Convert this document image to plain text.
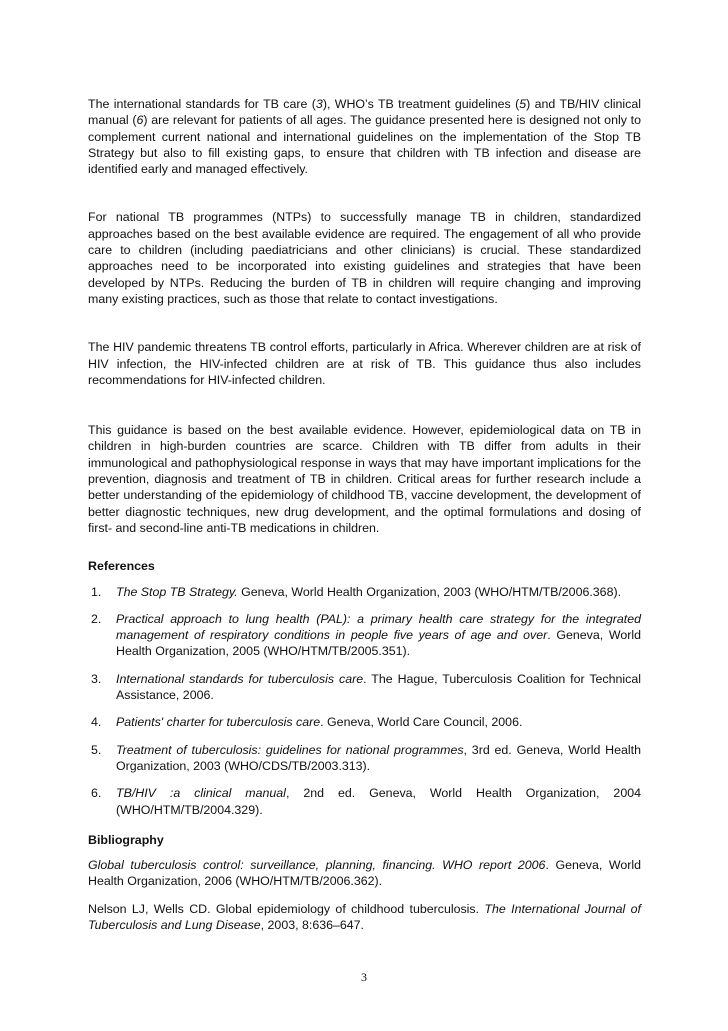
The international standards for TB care (3), WHO’s TB treatment guidelines (5) and TB/HIV clinical manual (6) are relevant for patients of all ages. The guidance presented here is designed not only to complement current national and international guidelines on the implementation of the Stop TB Strategy but also to fill existing gaps, to ensure that children with TB infection and disease are identified early and managed effectively.

For national TB programmes (NTPs) to successfully manage TB in children, standardized approaches based on the best available evidence are required. The engagement of all who provide care to children (including paediatricians and other clinicians) is crucial. These standardized approaches need to be incorporated into existing guidelines and strategies that have been developed by NTPs. Reducing the burden of TB in children will require changing and improving many existing practices, such as those that relate to contact investigations.

The HIV pandemic threatens TB control efforts, particularly in Africa. Wherever children are at risk of HIV infection, the HIV-infected children are at risk of TB. This guidance thus also includes recommendations for HIV-infected children.

This guidance is based on the best available evidence. However, epidemiological data on TB in children in high-burden countries are scarce. Children with TB differ from adults in their immunological and pathophysiological response in ways that may have important implications for the prevention, diagnosis and treatment of TB in children. Critical areas for further research include a better understanding of the epidemiology of childhood TB, vaccine development, the development of better diagnostic techniques, new drug development, and the optimal formulations and dosing of first- and second-line anti-TB medications in children.

References
1. The Stop TB Strategy. Geneva, World Health Organization, 2003 (WHO/HTM/TB/2006.368).
2. Practical approach to lung health (PAL): a primary health care strategy for the integrated management of respiratory conditions in people five years of age and over. Geneva, World Health Organization, 2005 (WHO/HTM/TB/2005.351).
3. International standards for tuberculosis care. The Hague, Tuberculosis Coalition for Technical Assistance, 2006.
4. Patients' charter for tuberculosis care. Geneva, World Care Council, 2006.
5. Treatment of tuberculosis: guidelines for national programmes, 3rd ed. Geneva, World Health Organization, 2003 (WHO/CDS/TB/2003.313).
6. TB/HIV :a clinical manual, 2nd ed. Geneva, World Health Organization, 2004 (WHO/HTM/TB/2004.329).
Bibliography

Global tuberculosis control: surveillance, planning, financing. WHO report 2006. Geneva, World Health Organization, 2006 (WHO/HTM/TB/2006.362).

Nelson LJ, Wells CD. Global epidemiology of childhood tuberculosis. The International Journal of Tuberculosis and Lung Disease, 2003, 8:636–647.

3
